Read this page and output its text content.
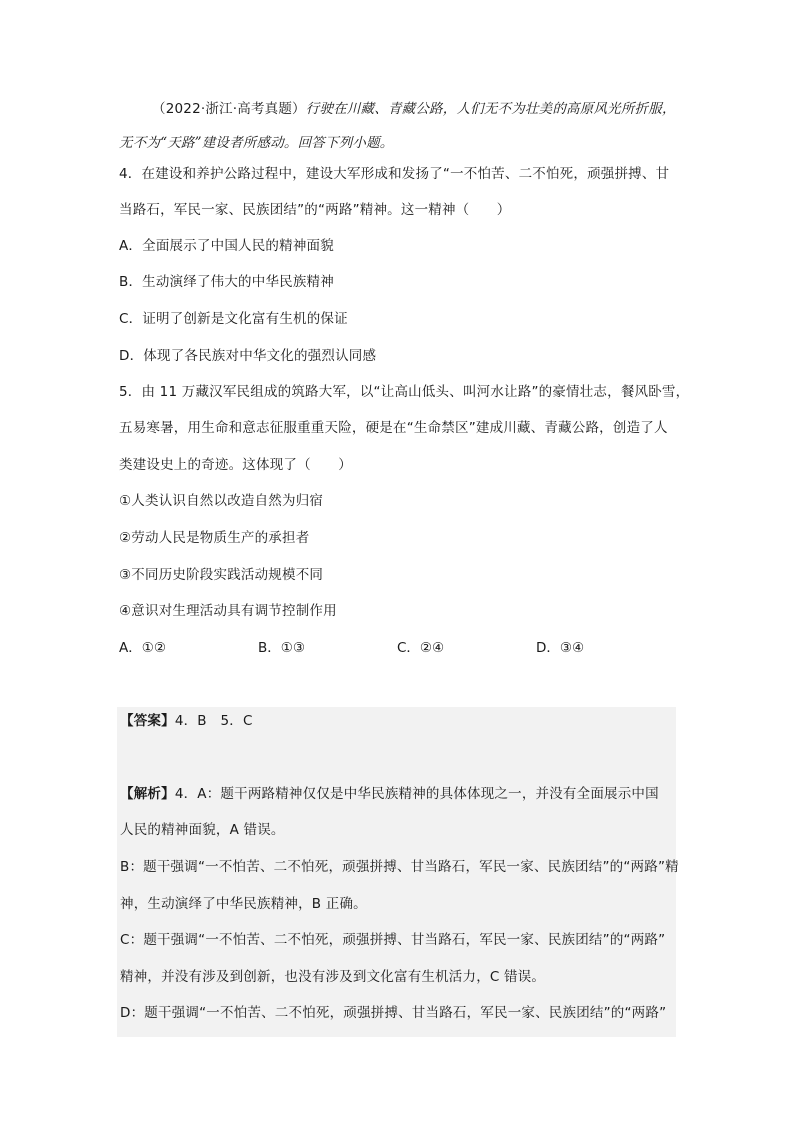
（2022·浙江·高考真题）行驶在川藏、青藏公路，人们无不为壮美的高原风光所折服，
无不为“天路”建设者所感动。回答下列小题。
4．在建设和养护公路过程中，建设大军形成和发扬了“一不怕苦、二不怕死，顽强拼搏、甘
当路石，军民一家、民族团结”的“两路”精神。这一精神（　　）
A．全面展示了中国人民的精神面貌
B．生动演绎了伟大的中华民族精神
C．证明了创新是文化富有生机的保证
D．体现了各民族对中华文化的强烈认同感
5．由 11 万藏汉军民组成的筑路大军，以“让高山低头、叫河水让路”的豪情壮志，餐风卧雪，
五易寒暑，用生命和意志征服重重天险，硬是在“生命禁区”建成川藏、青藏公路，创造了人
类建设史上的奇迹。这体现了（　　）
①人类认识自然以改造自然为归宿
②劳动人民是物质生产的承担者
③不同历史阶段实践活动规模不同
④意识对生理活动具有调节控制作用
A．①②	B．①③	C．②④	D．③④
【答案】4．B　5．C
【解析】4．A：题干两路精神仅仅是中华民族精神的具体体现之一，并没有全面展示中国
人民的精神面貌，A 错误。
B：题干强调“一不怕苦、二不怕死，顽强拼搏、甘当路石，军民一家、民族团结”的“两路”精
神，生动演绎了中华民族精神，B 正确。
C：题干强调“一不怕苦、二不怕死，顽强拼搏、甘当路石，军民一家、民族团结”的“两路”
精神，并没有涉及到创新，也没有涉及到文化富有生机活力，C 错误。
D：题干强调“一不怕苦、二不怕死，顽强拼搏、甘当路石，军民一家、民族团结”的“两路”
